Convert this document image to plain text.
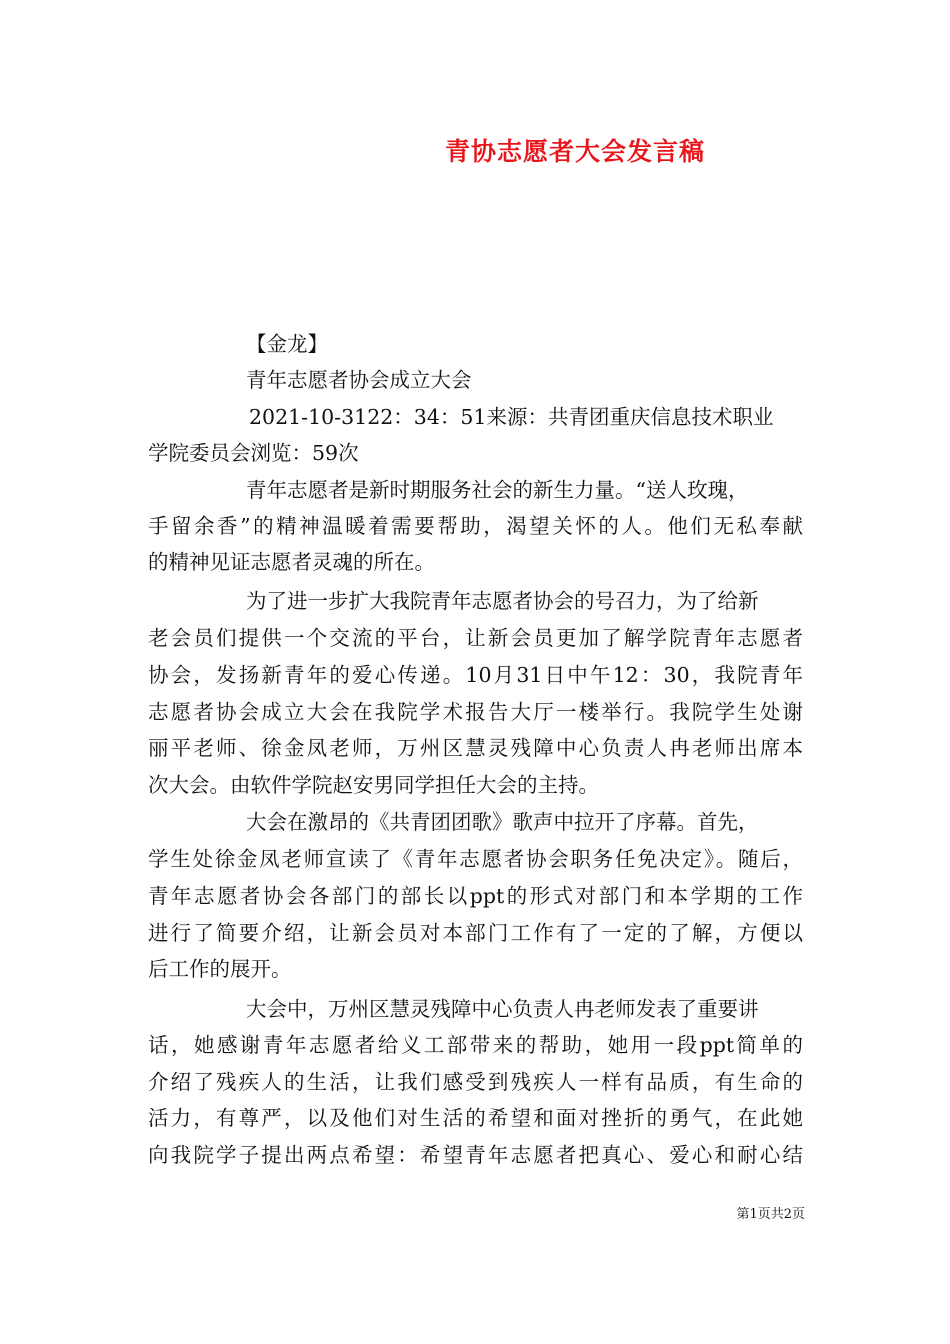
青协志愿者大会发言稿
【金龙】
青年志愿者协会成立大会
2021-10-3122：34：51来源：共青团重庆信息技术职业
学院委员会浏览：59次
青年志愿者是新时期服务社会的新生力量。“送人玫瑰，
手留余香”的精神温暖着需要帮助，渴望关怀的人。他们无私奉献
的精神见证志愿者灵魂的所在。
为了进一步扩大我院青年志愿者协会的号召力，为了给新
老会员们提供一个交流的平台，让新会员更加了解学院青年志愿者
协会，发扬新青年的爱心传递。10月31日中午12：30，我院青年
志愿者协会成立大会在我院学术报告大厅一楼举行。我院学生处谢
丽平老师、徐金凤老师，万州区慧灵残障中心负责人冉老师出席本
次大会。由软件学院赵安男同学担任大会的主持。
大会在激昂的《共青团团歌》歌声中拉开了序幕。首先，
学生处徐金凤老师宣读了《青年志愿者协会职务任免决定》。随后，
青年志愿者协会各部门的部长以ppt的形式对部门和本学期的工作
进行了简要介绍，让新会员对本部门工作有了一定的了解，方便以
后工作的展开。
大会中，万州区慧灵残障中心负责人冉老师发表了重要讲
话，她感谢青年志愿者给义工部带来的帮助，她用一段ppt简单的
介绍了残疾人的生活，让我们感受到残疾人一样有品质，有生命的
活力，有尊严，以及他们对生活的希望和面对挫折的勇气，在此她
向我院学子提出两点希望：希望青年志愿者把真心、爱心和耐心结
第1页共2页
